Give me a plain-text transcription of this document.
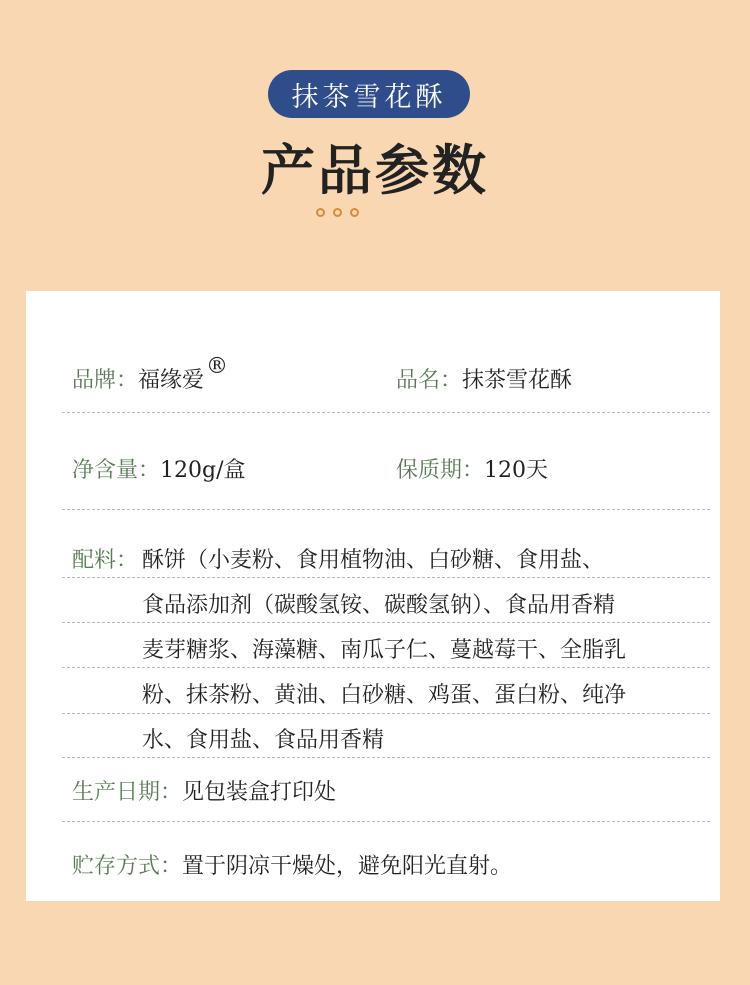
抹茶雪花酥
产品参数
品牌：福缘爱®
品名：抹茶雪花酥
净含量：120g/盒	保质期：120天
配料： 酥饼（小麦粉、食用植物油、白砂糖、食用盐、
食品添加剂（碳酸氢铵、碳酸氢钠）、食品用香精
麦芽糖浆、海藻糖、南瓜子仁、蔓越莓干、全脂乳
粉、抹茶粉、黄油、白砂糖、鸡蛋、蛋白粉、纯净
水、食用盐、食品用香精
生产日期：见包装盒打印处
贮存方式：置于阴凉干燥处，避免阳光直射。
